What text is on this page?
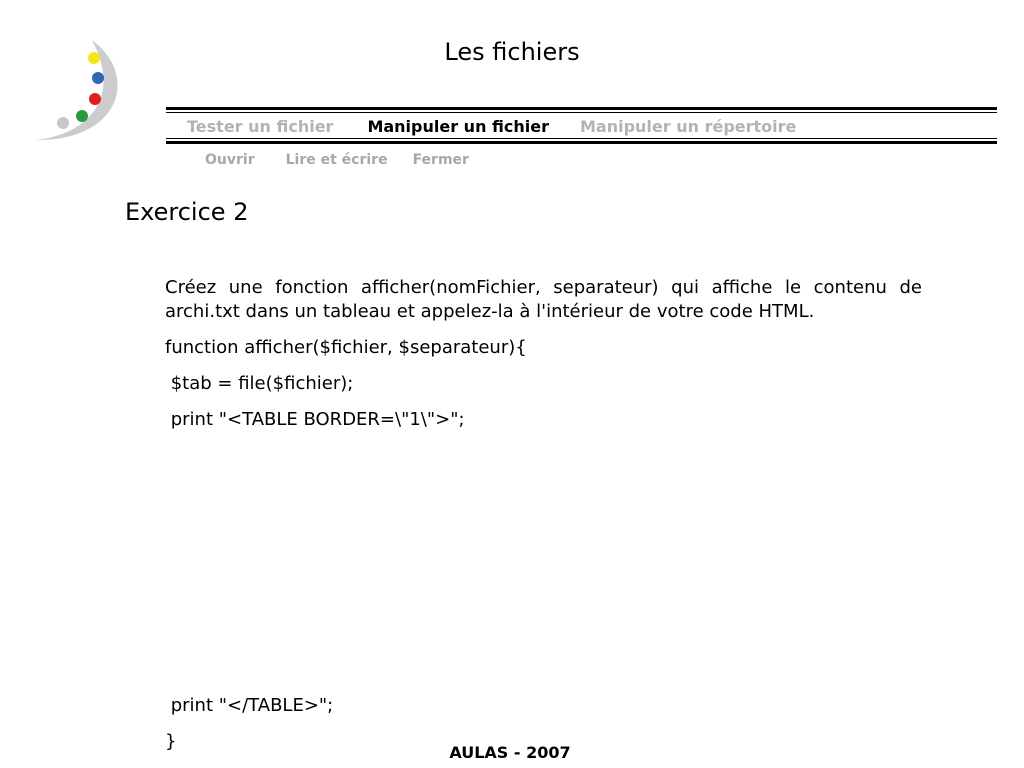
Les fichiers
Tester un fichier Manipuler un fichier Manipuler un répertoire
Ouvrir Lire et écrire Fermer
Exercice 2

Créez une fonction afficher(nomFichier, separateur) qui affiche le contenu de archi.txt dans un tableau et appelez-la à l'intérieur de votre code HTML.

function afficher($fichier, $separateur){
$tab = file($fichier);
print "<TABLE BORDER=\"1\">";
print "</TABLE>";
}
AULAS - 2007
